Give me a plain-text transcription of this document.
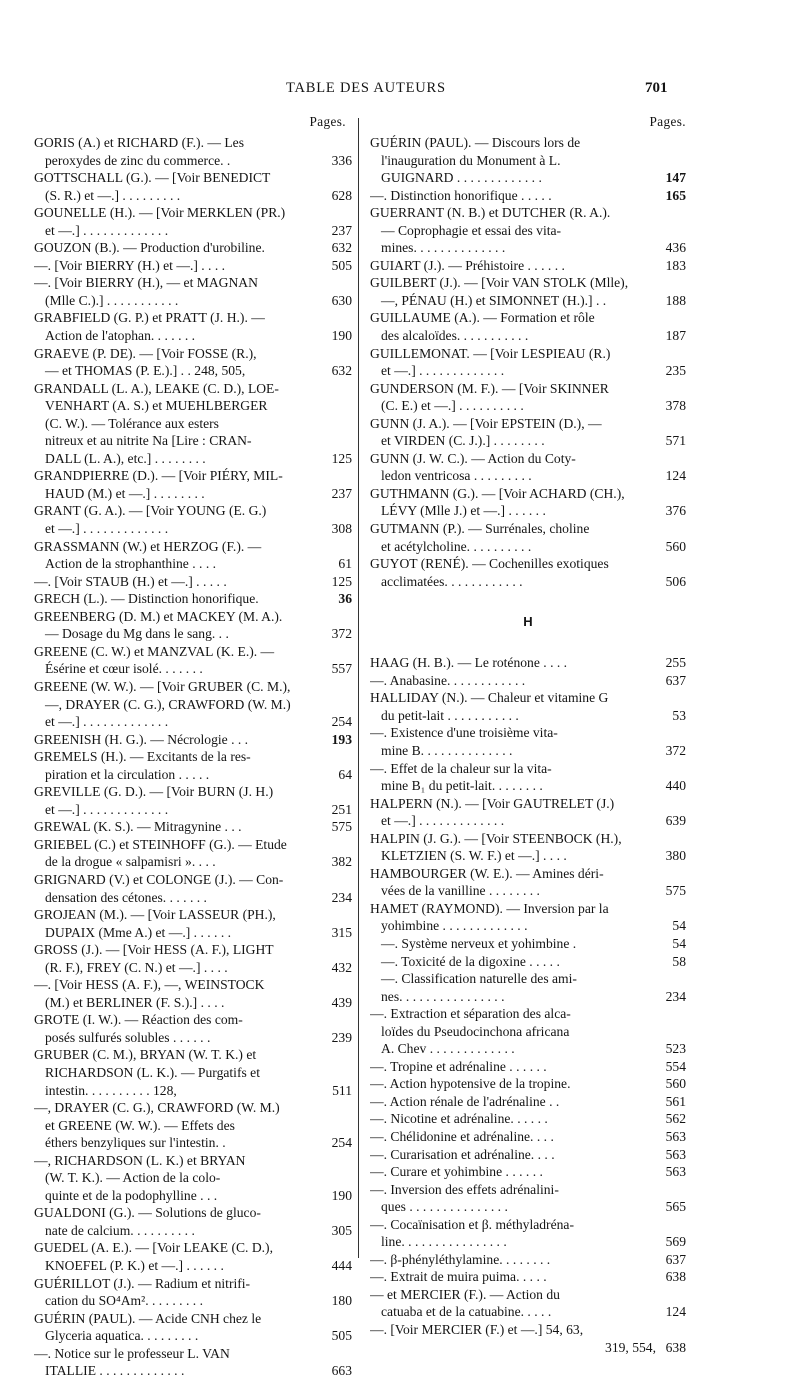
TABLE DES AUTEURS	701
Pages.
GORIS (A.) et RICHARD (F.). — Les
peroxydes de zinc du commerce. .	336
GOTTSCHALL (G.). — [Voir BENEDICT
(S. R.) et —.] . . . . . . . . .	628
GOUNELLE (H.). — [Voir MERKLEN (PR.)
et —.] . . . . . . . . . . . . .	237
GOUZON (B.). — Production d'urobiline.	632
—. [Voir BIERRY (H.) et —.] . . . .	505
—. [Voir BIERRY (H.), — et MAGNAN
(Mlle C.).] . . . . . . . . . . .	630
GRABFIELD (G. P.) et PRATT (J. H.). —
Action de l'atophan. . . . . . .	190
GRAEVE (P. DE). — [Voir FOSSE (R.),
— et THOMAS (P. E.).] . . 248, 505,	632
GRANDALL (L. A.), LEAKE (C. D.), LOE-
VENHART (A. S.) et MUEHLBERGER
(C. W.). — Tolérance aux esters
nitreux et au nitrite Na [Lire : CRAN-
DALL (L. A.), etc.] . . . . . . . .	125
GRANDPIERRE (D.). — [Voir PIÉRY, MIL-
HAUD (M.) et —.] . . . . . . . .	237
GRANT (G. A.). — [Voir YOUNG (E. G.)
et —.] . . . . . . . . . . . . .	308
GRASSMANN (W.) et HERZOG (F.). —
Action de la strophanthine . . . .	61
—. [Voir STAUB (H.) et —.] . . . . .	125
GRECH (L.). — Distinction honorifique.	36
GREENBERG (D. M.) et MACKEY (M. A.).
— Dosage du Mg dans le sang. . .	372
GREENE (C. W.) et MANZVAL (K. E.). —
Ésérine et cœur isolé. . . . . . .	557
GREENE (W. W.). — [Voir GRUBER (C. M.),
—, DRAYER (C. G.), CRAWFORD (W. M.)
et —.] . . . . . . . . . . . . .	254
GREENISH (H. G.). — Nécrologie . . .	193
GREMELS (H.). — Excitants de la res-
piration et la circulation . . . . .	64
GREVILLE (G. D.). — [Voir BURN (J. H.)
et —.] . . . . . . . . . . . . .	251
GREWAL (K. S.). — Mitragynine . . .	575
GRIEBEL (C.) et STEINHOFF (G.). — Etude
de la drogue « salpamisri ». . . .	382
GRIGNARD (V.) et COLONGE (J.). — Con-
densation des cétones. . . . . . .	234
GROJEAN (M.). — [Voir LASSEUR (PH.),
DUPAIX (Mme A.) et —.] . . . . . .	315
GROSS (J.). — [Voir HESS (A. F.), LIGHT
(R. F.), FREY (C. N.) et —.] . . . .	432
—. [Voir HESS (A. F.), —, WEINSTOCK
(M.) et BERLINER (F. S.).] . . . .	439
GROTE (I. W.). — Réaction des com-
posés sulfurés solubles . . . . . .	239
GRUBER (C. M.), BRYAN (W. T. K.) et
RICHARDSON (L. K.). — Purgatifs et
intestin. . . . . . . . . . 128,	511
—, DRAYER (C. G.), CRAWFORD (W. M.)
et GREENE (W. W.). — Effets des
éthers benzyliques sur l'intestin. .	254
—, RICHARDSON (L. K.) et BRYAN
(W. T. K.). — Action de la colo-
quinte et de la podophylline . . .	190
GUALDONI (G.). — Solutions de gluco-
nate de calcium. . . . . . . . . .	305
GUEDEL (A. E.). — [Voir LEAKE (C. D.),
KNOEFEL (P. K.) et —.] . . . . . .	444
GUÉRILLOT (J.). — Radium et nitrifi-
cation du SO⁴Am². . . . . . . . .	180
GUÉRIN (PAUL). — Acide CNH chez le
Glyceria aquatica. . . . . . . . .	505
—. Notice sur le professeur L. VAN
ITALLIE . . . . . . . . . . . . .	663
Pages.
GUÉRIN (PAUL). — Discours lors de
l'inauguration du Monument à L.
GUIGNARD . . . . . . . . . . . . .	147
—. Distinction honorifique . . . . .	165
GUERRANT (N. B.) et DUTCHER (R. A.).
— Coprophagie et essai des vita-
mines. . . . . . . . . . . . . .	436
GUIART (J.). — Préhistoire . . . . . .	183
GUILBERT (J.). — [Voir VAN STOLK (Mlle),
—, PÉNAU (H.) et SIMONNET (H.).] . .	188
GUILLAUME (A.). — Formation et rôle
des alcaloïdes. . . . . . . . . . .	187
GUILLEMONAT. — [Voir LESPIEAU (R.)
et —.] . . . . . . . . . . . . .	235
GUNDERSON (M. F.). — [Voir SKINNER
(C. E.) et —.] . . . . . . . . . .	378
GUNN (J. A.). — [Voir EPSTEIN (D.), —
et VIRDEN (C. J.).] . . . . . . . .	571
GUNN (J. W. C.). — Action du Coty-
ledon ventricosa . . . . . . . . .	124
GUTHMANN (G.). — [Voir ACHARD (CH.),
LÉVY (Mlle J.) et —.] . . . . . .	376
GUTMANN (P.). — Surrénales, choline
et acétylcholine. . . . . . . . . .	560
GUYOT (RENÉ). — Cochenilles exotiques
acclimatées. . . . . . . . . . . .	506
H
HAAG (H. B.). — Le roténone . . . .	255
—. Anabasine. . . . . . . . . . . .	637
HALLIDAY (N.). — Chaleur et vitamine G
du petit-lait . . . . . . . . . . .	53
—. Existence d'une troisième vita-
mine B. . . . . . . . . . . . . .	372
—. Effet de la chaleur sur la vita-
mine B₁ du petit-lait. . . . . . . .	440
HALPERN (N.). — [Voir GAUTRELET (J.)
et —.] . . . . . . . . . . . . .	639
HALPIN (J. G.). — [Voir STEENBOCK (H.),
KLETZIEN (S. W. F.) et —.] . . . .	380
HAMBOURGER (W. E.). — Amines déri-
vées de la vanilline . . . . . . . .	575
HAMET (RAYMOND). — Inversion par la
yohimbine . . . . . . . . . . . . .	54
—. Système nerveux et yohimbine .	54
—. Toxicité de la digoxine . . . . .	58
—. Classification naturelle des ami-
nes. . . . . . . . . . . . . . . .	234
—. Extraction et séparation des alca-
loïdes du Pseudocinchona africana
A. Chev . . . . . . . . . . . . .	523
—. Tropine et adrénaline . . . . . .	554
—. Action hypotensive de la tropine.	560
—. Action rénale de l'adrénaline . .	561
—. Nicotine et adrénaline. . . . . .	562
—. Chélidonine et adrénaline. . . .	563
—. Curarisation et adrénaline. . . .	563
—. Curare et yohimbine . . . . . .	563
—. Inversion des effets adrénalini-
ques . . . . . . . . . . . . . . .	565
—. Cocaïnisation et β. méthyladréna-
line. . . . . . . . . . . . . . . .	569
—. β-phényléthylamine. . . . . . . .	637
—. Extrait de muira puima. . . . .	638
— et MERCIER (F.). — Action du
catuaba et de la catuabine. . . . .	124
—. [Voir MERCIER (F.) et —.] 54, 63,
319, 554, 638
